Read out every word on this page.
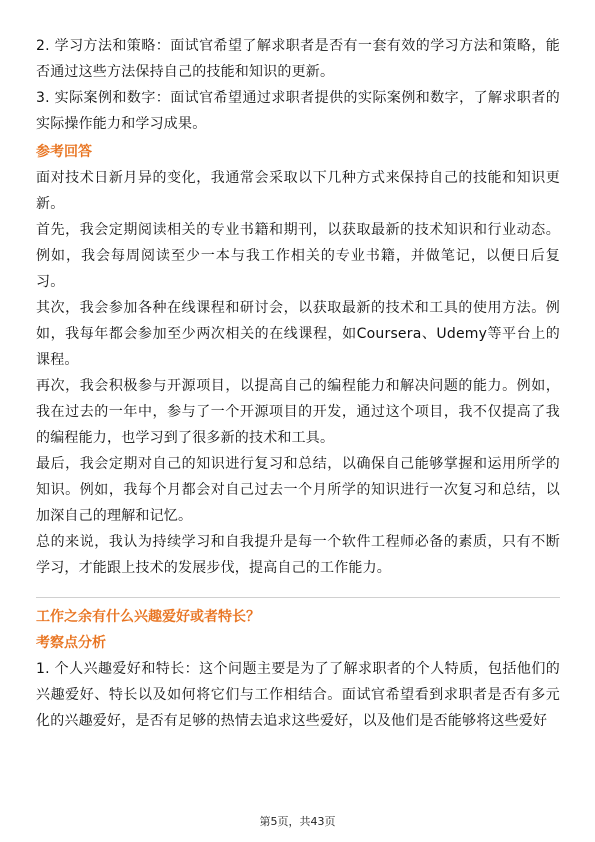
2. 学习方法和策略：面试官希望了解求职者是否有一套有效的学习方法和策略，能否通过这些方法保持自己的技能和知识的更新。

3. 实际案例和数字：面试官希望通过求职者提供的实际案例和数字，了解求职者的实际操作能力和学习成果。

参考回答

面对技术日新月异的变化，我通常会采取以下几种方式来保持自己的技能和知识更新。

首先，我会定期阅读相关的专业书籍和期刊，以获取最新的技术知识和行业动态。例如，我会每周阅读至少一本与我工作相关的专业书籍，并做笔记，以便日后复习。

其次，我会参加各种在线课程和研讨会，以获取最新的技术和工具的使用方法。例如，我每年都会参加至少两次相关的在线课程，如Coursera、Udemy等平台上的课程。

再次，我会积极参与开源项目，以提高自己的编程能力和解决问题的能力。例如，我在过去的一年中，参与了一个开源项目的开发，通过这个项目，我不仅提高了我的编程能力，也学习到了很多新的技术和工具。

最后，我会定期对自己的知识进行复习和总结，以确保自己能够掌握和运用所学的知识。例如，我每个月都会对自己过去一个月所学的知识进行一次复习和总结，以加深自己的理解和记忆。

总的来说，我认为持续学习和自我提升是每一个软件工程师必备的素质，只有不断学习，才能跟上技术的发展步伐，提高自己的工作能力。

工作之余有什么兴趣爱好或者特长？

考察点分析

1. 个人兴趣爱好和特长：这个问题主要是为了了解求职者的个人特质，包括他们的兴趣爱好、特长以及如何将它们与工作相结合。面试官希望看到求职者是否有多元化的兴趣爱好，是否有足够的热情去追求这些爱好，以及他们是否能够将这些爱好

第5页，共43页
